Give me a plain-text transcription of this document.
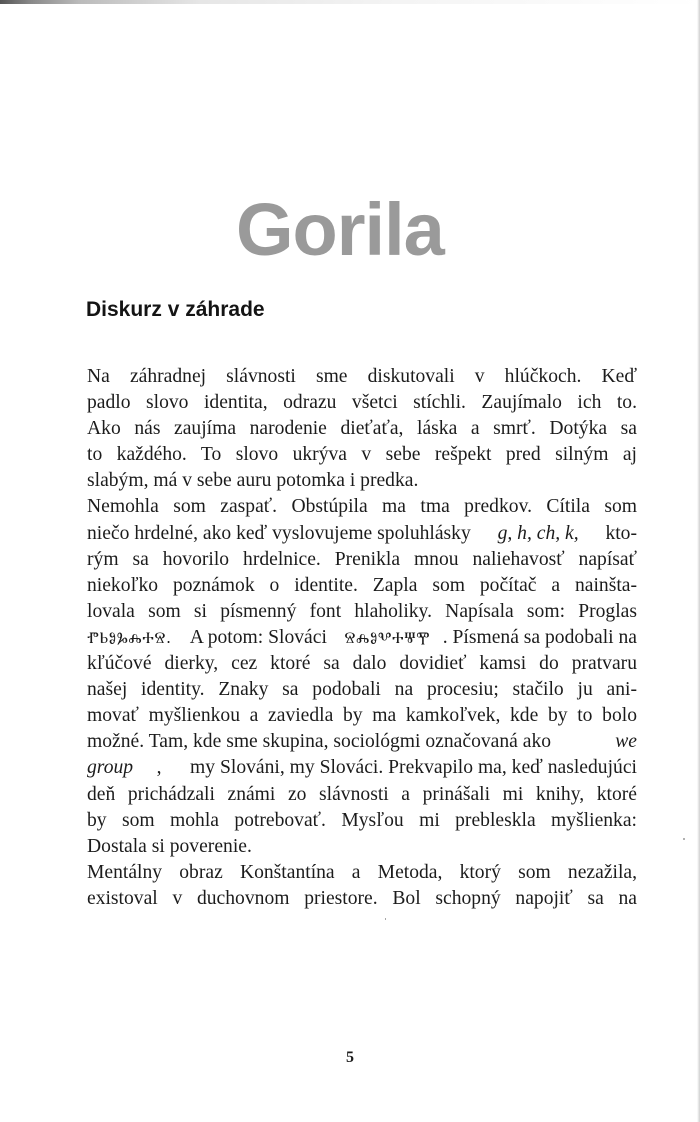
Gorila
Diskurz v záhrade
Na záhradnej slávnosti sme diskutovali v hlúčkoch. Keď
padlo slovo identita, odrazu všetci stíchli. Zaujímalo ich to.
Ako nás zaujíma narodenie dieťaťa, láska a smrť. Dotýka sa
to každého. To slovo ukrýva v sebe rešpekt pred silným aj
slabým, má v sebe auru potomka i predka.
Nemohla som zaspať. Obstúpila ma tma predkov. Cítila som
niečo hrdelné, ako keď vyslovujeme spoluhlásky g, h, ch, k, kto-
rým sa hovorilo hrdelnice. Prenikla mnou naliehavosť napísať
niekoľko poznámok o identite. Zapla som počítač a nainšta-
lovala som si písmenný font hlaholiky. Napísala som: Proglas
ⰒⰓⰑⰃⰎⰀⰔ. A potom: Slováci ⰔⰎⰑⰂⰀⰛⰉ . Písmená sa podobali na
kľúčové dierky, cez ktoré sa dalo dovidieť kamsi do pratvaru
našej identity. Znaky sa podobali na procesiu; stačilo ju ani-
movať myšlienkou a zaviedla by ma kamkoľvek, kde by to bolo
možné. Tam, kde sme skupina, sociológmi označovaná ako	we
group , my Slováni, my Slováci. Prekvapilo ma, keď nasledujúci
deň prichádzali známi zo slávnosti a prinášali mi knihy, ktoré
by som mohla potrebovať. Mysľou mi prebleskla myšlienka:
Dostala si poverenie.
Mentálny obraz Konštantína a Metoda, ktorý som nezažila,
existoval v duchovnom priestore. Bol schopný napojiť sa na
5
